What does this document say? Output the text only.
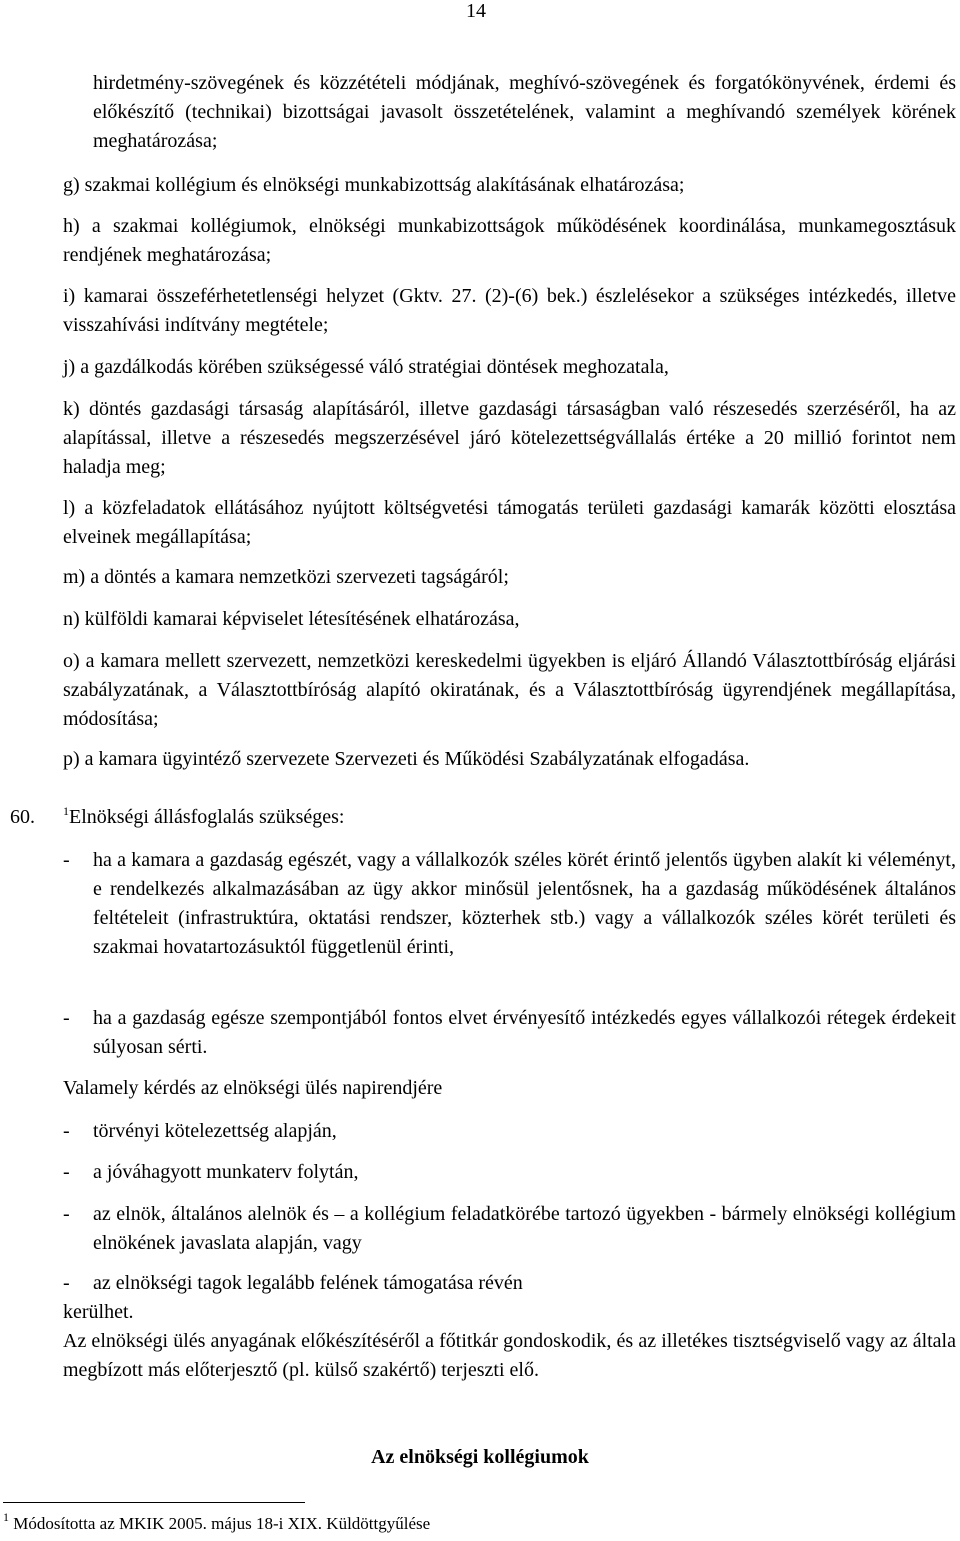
14
hirdetmény-szövegének és közzétételi módjának, meghívó-szövegének és forgatókönyvének, érdemi és előkészítő (technikai) bizottságai javasolt összetételének, valamint a meghívandó személyek körének meghatározása;
g) szakmai kollégium és elnökségi munkabizottság alakításának elhatározása;
h) a szakmai kollégiumok, elnökségi munkabizottságok működésének koordinálása, munkamegosztásuk rendjének meghatározása;
i) kamarai összeférhetetlenségi helyzet (Gktv. 27. (2)-(6) bek.) észlelésekor a szükséges intézkedés, illetve visszahívási indítvány megtétele;
j) a gazdálkodás körében szükségessé váló stratégiai döntések meghozatala,
k) döntés gazdasági társaság alapításáról, illetve gazdasági társaságban való részesedés szerzéséről, ha az alapítással, illetve a részesedés megszerzésével járó kötelezettségvállalás értéke a 20 millió forintot nem haladja meg;
l) a közfeladatok ellátásához nyújtott költségvetési támogatás területi gazdasági kamarák közötti elosztása elveinek megállapítása;
m) a döntés a kamara nemzetközi szervezeti tagságáról;
n) külföldi kamarai képviselet létesítésének elhatározása,
o) a kamara mellett szervezett, nemzetközi kereskedelmi ügyekben is eljáró Állandó Választottbíróság eljárási szabályzatának, a Választottbíróság alapító okiratának, és a Választottbíróság ügyrendjének megállapítása, módosítása;
p) a kamara ügyintéző szervezete Szervezeti és Működési Szabályzatának elfogadása.
60. $^1$Elnökségi állásfoglalás szükséges:
- ha a kamara a gazdaság egészét, vagy a vállalkozók széles körét érintő jelentős ügyben alakít ki véleményt, e rendelkezés alkalmazásában az ügy akkor minősül jelentősnek, ha a gazdaság működésének általános feltételeit (infrastruktúra, oktatási rendszer, közterhek stb.) vagy a vállalkozók széles körét területi és szakmai hovatartozásuktól függetlenül érinti,
- ha a gazdaság egésze szempontjából fontos elvet érvényesítő intézkedés egyes vállalkozói rétegek érdekeit súlyosan sérti.
Valamely kérdés az elnökségi ülés napirendjére
- törvényi kötelezettség alapján,
- a jóváhagyott munkaterv folytán,
- az elnök, általános alelnök és – a kollégium feladatkörébe tartozó ügyekben - bármely elnökségi kollégium elnökének javaslata alapján, vagy
- az elnökségi tagok legalább felének támogatása révén
kerülhet.
Az elnökségi ülés anyagának előkészítéséről a főtitkár gondoskodik, és az illetékes tisztségviselő vagy az általa megbízott más előterjesztő (pl. külső szakértő) terjeszti elő.
Az elnökségi kollégiumok
$^1$ Módosította az MKIK 2005. május 18-i XIX. Küldöttgyűlése
